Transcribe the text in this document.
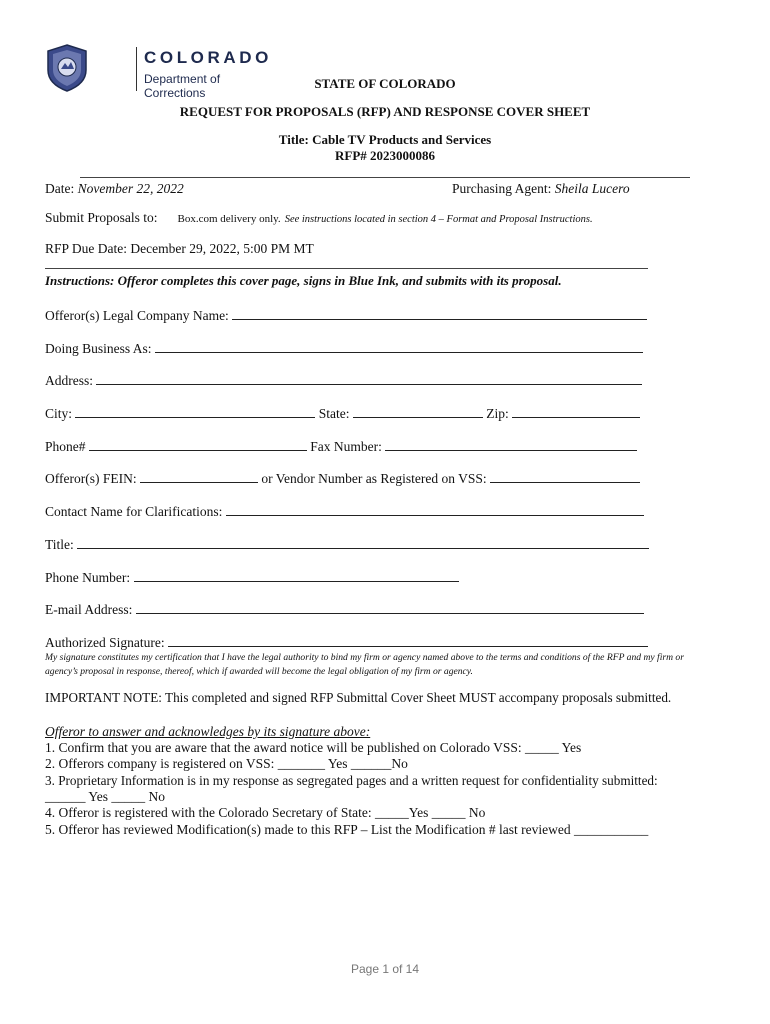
COLORADO
Department of Corrections
STATE OF COLORADO
REQUEST FOR PROPOSALS (RFP) AND RESPONSE COVER SHEET
Title: Cable TV Products and Services
RFP# 2023000086
Date: November 22, 2022	Purchasing Agent: Sheila Lucero
Submit Proposals to: Box.com delivery only. See instructions located in section 4 – Format and Proposal Instructions.
RFP Due Date: December 29, 2022, 5:00 PM MT
Instructions: Offeror completes this cover page, signs in Blue Ink, and submits with its proposal.
Offeror(s) Legal Company Name:
Doing Business As:
Address:
City:	State:	Zip:
Phone#	Fax Number:
Offeror(s) FEIN:	or Vendor Number as Registered on VSS:
Contact Name for Clarifications:
Title:
Phone Number:
E-mail Address:
Authorized Signature:
My signature constitutes my certification that I have the legal authority to bind my firm or agency named above to the terms and conditions of the RFP and my firm or agency’s proposal in response, thereof, which if awarded will become the legal obligation of my firm or agency.
IMPORTANT NOTE: This completed and signed RFP Submittal Cover Sheet MUST accompany proposals submitted.
Offeror to answer and acknowledges by its signature above:
1. Confirm that you are aware that the award notice will be published on Colorado VSS: _____ Yes
2. Offerors company is registered on VSS: _______ Yes ______No
3. Proprietary Information is in my response as segregated pages and a written request for confidentiality submitted:
______ Yes _____ No
4. Offeror is registered with the Colorado Secretary of State: _____Yes _____ No
5. Offeror has reviewed Modification(s) made to this RFP – List the Modification # last reviewed ___________
Page 1 of 14
